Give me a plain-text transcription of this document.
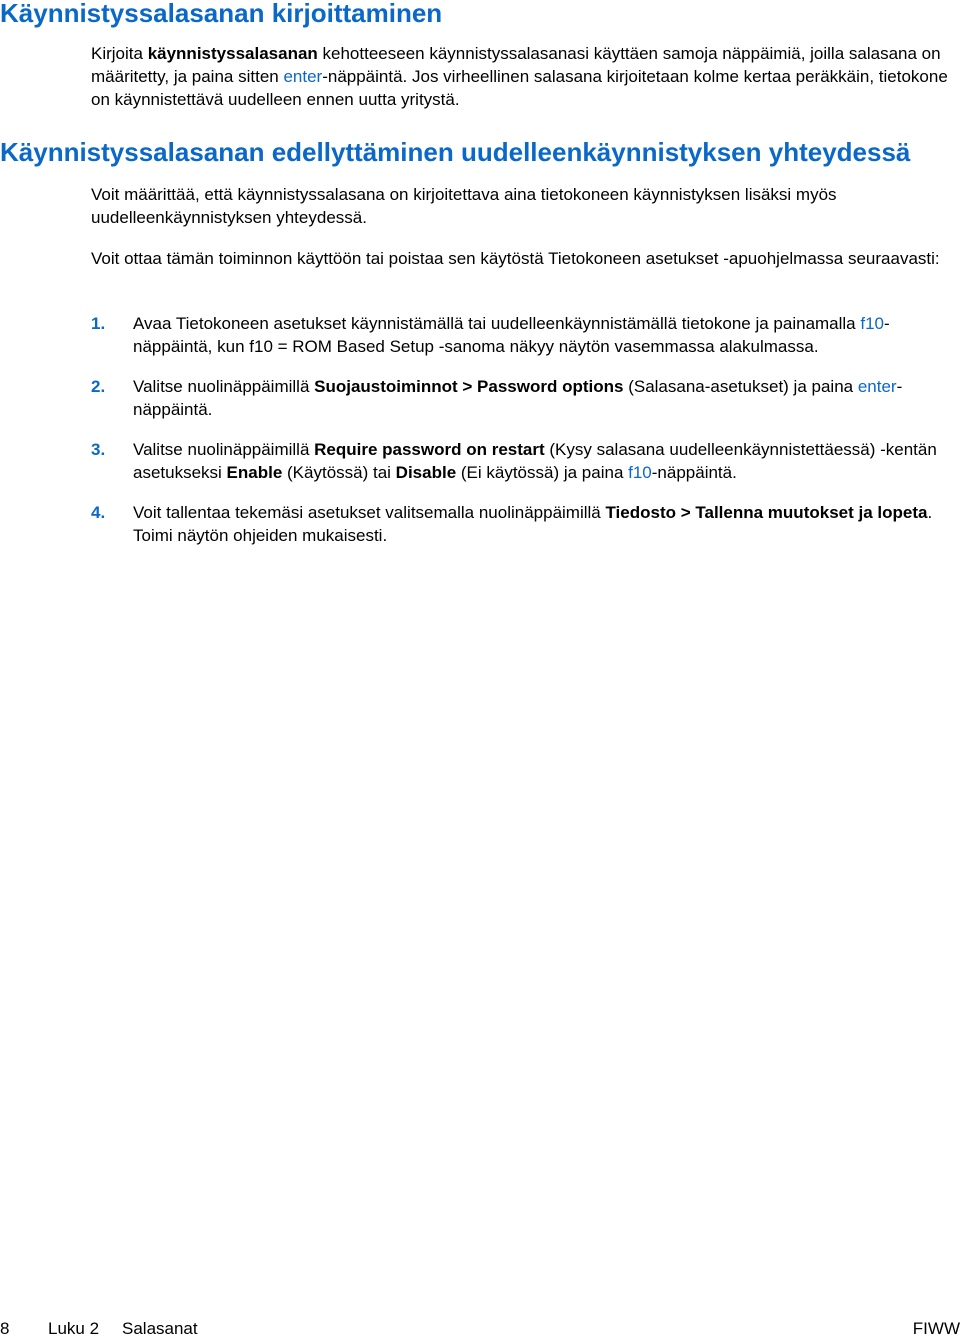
Käynnistyssalasanan kirjoittaminen

Kirjoita käynnistyssalasanan kehotteeseen käynnistyssalasanasi käyttäen samoja näppäimiä, joilla salasana on määritetty, ja paina sitten enter-näppäintä. Jos virheellinen salasana kirjoitetaan kolme kertaa peräkkäin, tietokone on käynnistettävä uudelleen ennen uutta yritystä.

Käynnistyssalasanan edellyttäminen uudelleenkäynnistyksen yhteydessä

Voit määrittää, että käynnistyssalasana on kirjoitettava aina tietokoneen käynnistyksen lisäksi myös uudelleenkäynnistyksen yhteydessä.

Voit ottaa tämän toiminnon käyttöön tai poistaa sen käytöstä Tietokoneen asetukset -apuohjelmassa seuraavasti:

1. Avaa Tietokoneen asetukset käynnistämällä tai uudelleenkäynnistämällä tietokone ja painamalla f10-näppäintä, kun f10 = ROM Based Setup -sanoma näkyy näytön vasemmassa alakulmassa.
2. Valitse nuolinäppäimillä Suojaustoiminnot > Password options (Salasana-asetukset) ja paina enter-näppäintä.
3. Valitse nuolinäppäimillä Require password on restart (Kysy salasana uudelleenkäynnistettäessä) -kentän asetukseksi Enable (Käytössä) tai Disable (Ei käytössä) ja paina f10-näppäintä.
4. Voit tallentaa tekemäsi asetukset valitsemalla nuolinäppäimillä Tiedosto > Tallenna muutokset ja lopeta. Toimi näytön ohjeiden mukaisesti.
8 Luku 2 Salasanat	FIWW
